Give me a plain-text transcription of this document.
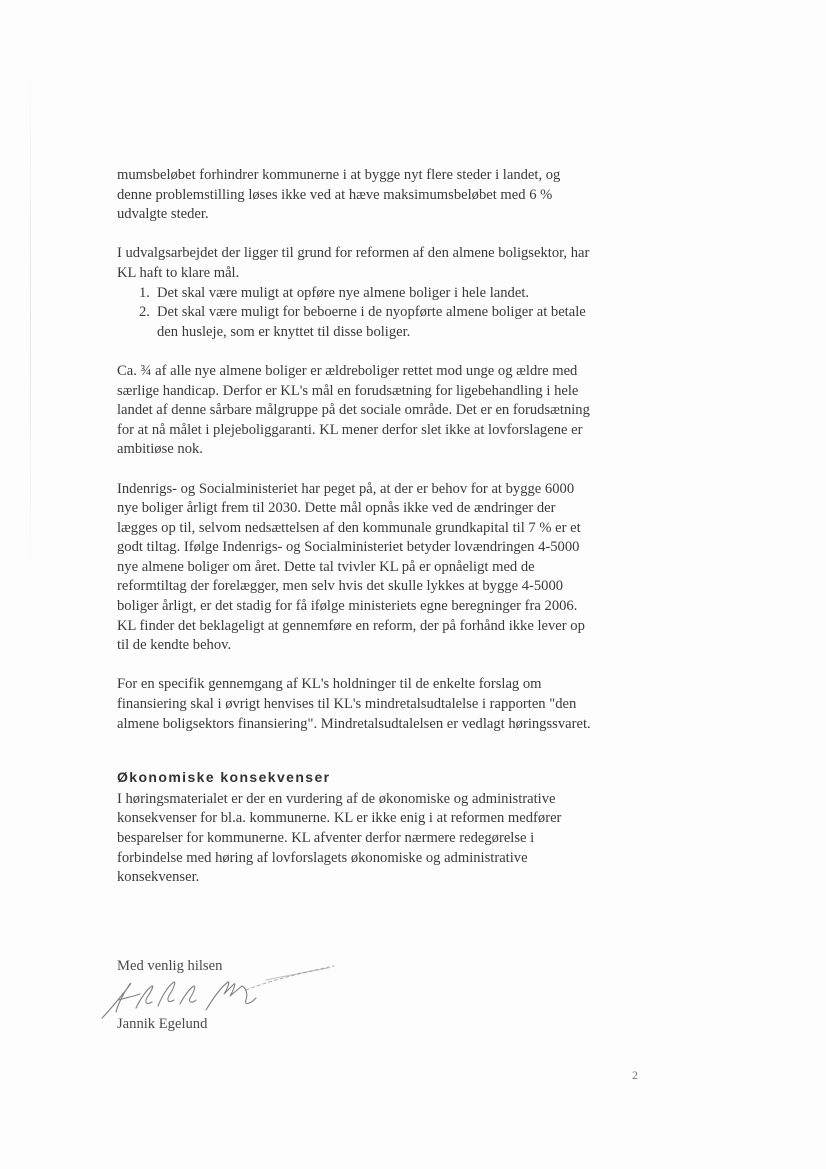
mumsbeløbet forhindrer kommunerne i at bygge nyt flere steder i landet, og denne problemstilling løses ikke ved at hæve maksimumsbeløbet med 6 % udvalgte steder.

I udvalgsarbejdet der ligger til grund for reformen af den almene boligsektor, har KL haft to klare mål.

1. Det skal være muligt at opføre nye almene boliger i hele landet.
2. Det skal være muligt for beboerne i de nyopførte almene boliger at betale den husleje, som er knyttet til disse boliger.

Ca. ¾ af alle nye almene boliger er ældreboliger rettet mod unge og ældre med særlige handicap. Derfor er KL's mål en forudsætning for ligebehandling i hele landet af denne sårbare målgruppe på det sociale område. Det er en forudsætning for at nå målet i plejeboliggaranti. KL mener derfor slet ikke at lovforslagene er ambitiøse nok.

Indenrigs- og Socialministeriet har peget på, at der er behov for at bygge 6000 nye boliger årligt frem til 2030. Dette mål opnås ikke ved de ændringer der lægges op til, selvom nedsættelsen af den kommunale grundkapital til 7 % er et godt tiltag. Ifølge Indenrigs- og Socialministeriet betyder lovændringen 4-5000 nye almene boliger om året. Dette tal tvivler KL på er opnåeligt med de reformtiltag der forelægger, men selv hvis det skulle lykkes at bygge 4-5000 boliger årligt, er det stadig for få ifølge ministeriets egne beregninger fra 2006. KL finder det beklageligt at gennemføre en reform, der på forhånd ikke lever op til de kendte behov.

For en specifik gennemgang af KL's holdninger til de enkelte forslag om finansiering skal i øvrigt henvises til KL's mindretalsudtalelse i rapporten "den almene boligsektors finansiering". Mindretalsudtalelsen er vedlagt høringssvaret.

Økonomiske konsekvenser

I høringsmaterialet er der en vurdering af de økonomiske og administrative konsekvenser for bl.a. kommunerne. KL er ikke enig i at reformen medfører besparelser for kommunerne. KL afventer derfor nærmere redegørelse i forbindelse med høring af lovforslagets økonomiske og administrative konsekvenser.

Med venlig hilsen
Jannik Egelund
2
